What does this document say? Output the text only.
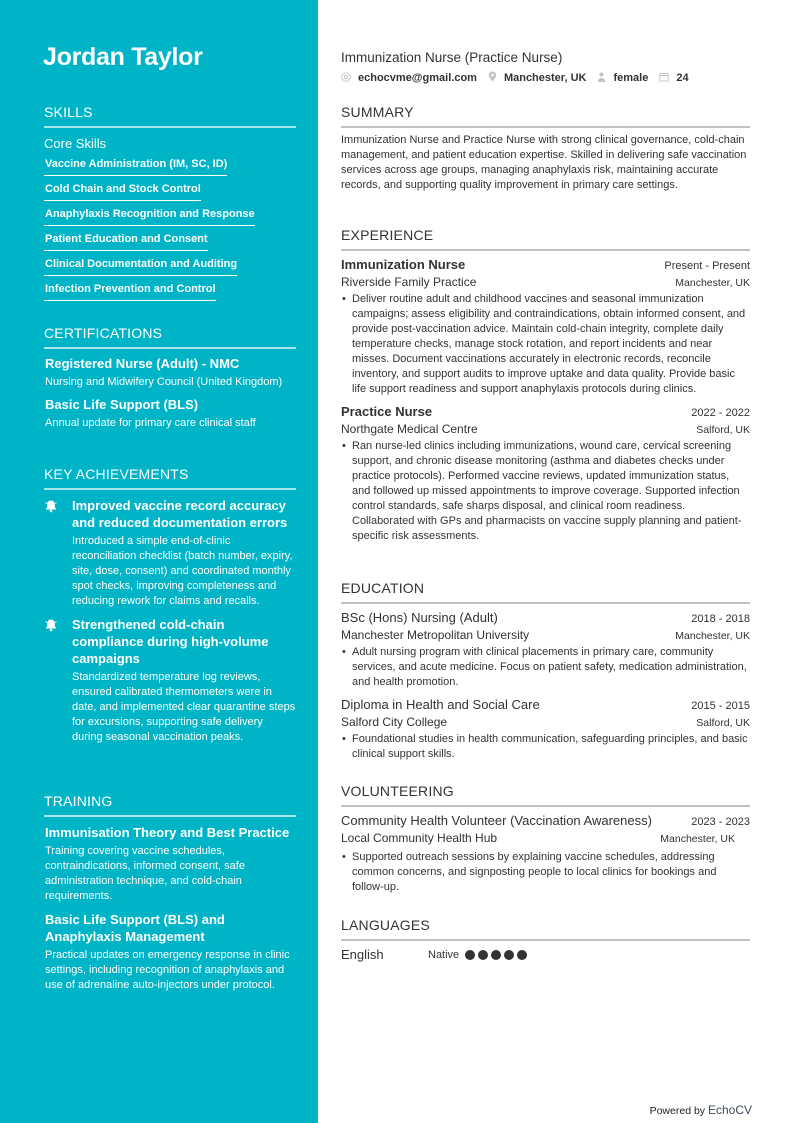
Jordan Taylor
SKILLS
Core Skills
Vaccine Administration (IM, SC, ID)
Cold Chain and Stock Control
Anaphylaxis Recognition and Response
Patient Education and Consent
Clinical Documentation and Auditing
Infection Prevention and Control
CERTIFICATIONS
Registered Nurse (Adult) - NMC
Nursing and Midwifery Council (United Kingdom)
Basic Life Support (BLS)
Annual update for primary care clinical staff
KEY ACHIEVEMENTS
Improved vaccine record accuracy and reduced documentation errors
Introduced a simple end-of-clinic reconciliation checklist (batch number, expiry, site, dose, consent) and coordinated monthly spot checks, improving completeness and reducing rework for claims and recalls.
Strengthened cold-chain compliance during high-volume campaigns
Standardized temperature log reviews, ensured calibrated thermometers were in date, and implemented clear quarantine steps for excursions, supporting safe delivery during seasonal vaccination peaks.
TRAINING
Immunisation Theory and Best Practice
Training covering vaccine schedules, contraindications, informed consent, safe administration technique, and cold-chain requirements.
Basic Life Support (BLS) and Anaphylaxis Management
Practical updates on emergency response in clinic settings, including recognition of anaphylaxis and use of adrenaline auto-injectors under protocol.
Immunization Nurse (Practice Nurse)
echocvme@gmail.com Manchester, UK female	24
SUMMARY
Immunization Nurse and Practice Nurse with strong clinical governance, cold-chain management, and patient education expertise. Skilled in delivering safe vaccination services across age groups, managing anaphylaxis risk, maintaining accurate records, and supporting quality improvement in primary care settings.
EXPERIENCE
Immunization Nurse	Present - Present
Riverside Family Practice	Manchester, UK
• Deliver routine adult and childhood vaccines and seasonal immunization campaigns; assess eligibility and contraindications, obtain informed consent, and provide post-vaccination advice. Maintain cold-chain integrity, complete daily temperature checks, manage stock rotation, and report incidents and near misses. Document vaccinations accurately in electronic records, reconcile inventory, and support audits to improve uptake and data quality. Provide basic life support readiness and support anaphylaxis protocols during clinics.
Practice Nurse	2022 - 2022
Northgate Medical Centre	Salford, UK
• Ran nurse-led clinics including immunizations, wound care, cervical screening support, and chronic disease monitoring (asthma and diabetes checks under practice protocols). Performed vaccine reviews, updated immunization status, and followed up missed appointments to improve coverage. Supported infection control standards, safe sharps disposal, and clinical room readiness. Collaborated with GPs and pharmacists on vaccine supply planning and patient-specific risk assessments.
EDUCATION
BSc (Hons) Nursing (Adult)	2018 - 2018
Manchester Metropolitan University	Manchester, UK
• Adult nursing program with clinical placements in primary care, community services, and acute medicine. Focus on patient safety, medication administration, and health promotion.
Diploma in Health and Social Care	2015 - 2015
Salford City College	Salford, UK
• Foundational studies in health communication, safeguarding principles, and basic clinical support skills.
VOLUNTEERING
Community Health Volunteer (Vaccination Awareness)	2023 - 2023
Local Community Health Hub	Manchester, UK
• Supported outreach sessions by explaining vaccine schedules, addressing common concerns, and signposting people to local clinics for bookings and follow-up.
LANGUAGES
English	Native
Powered by EchoCV
